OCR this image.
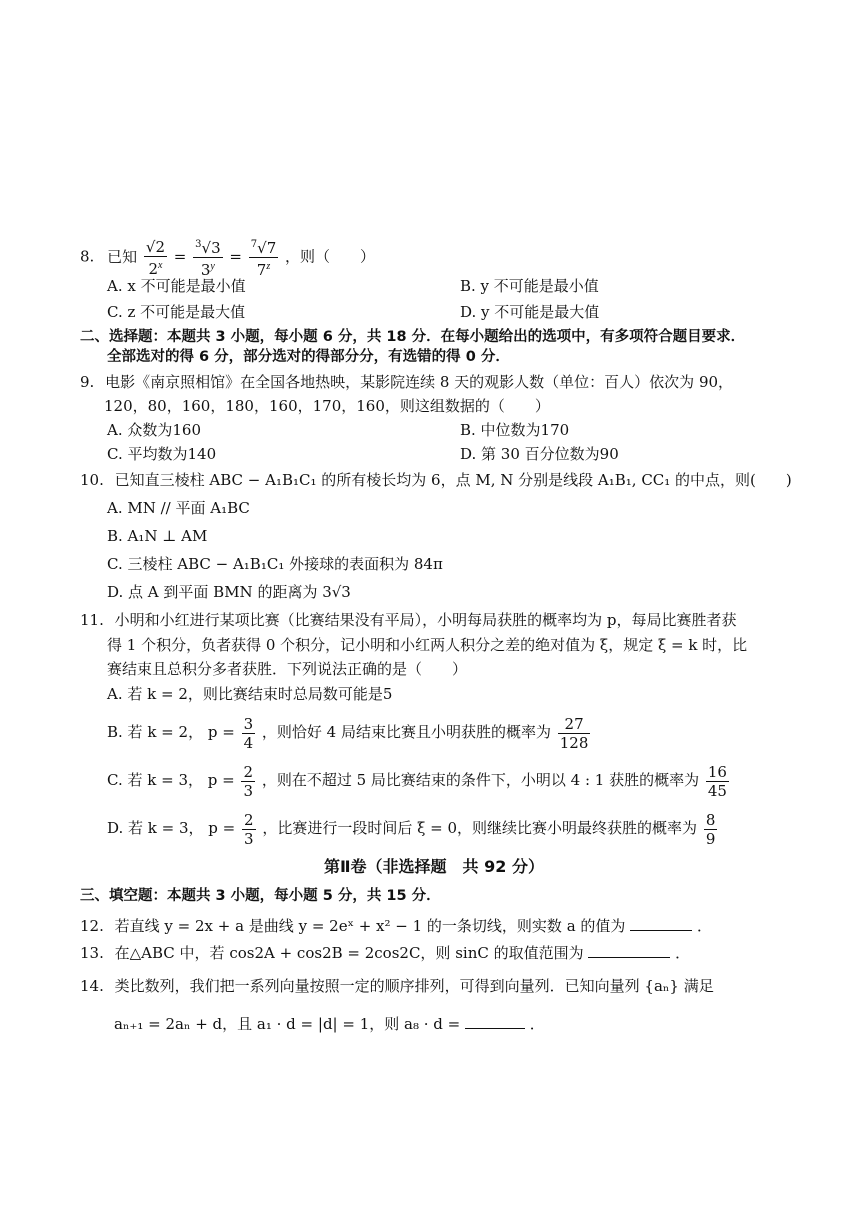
8. 已知 $\frac{√2}{2^x} = \frac{^3√3}{3^y} = \frac{^7√7}{7^z}$ ，则（　　）
A. x 不可能是最小值	B. y 不可能是最小值
C. z 不可能是最大值	D. y 不可能是最大值
二、选择题：本题共 3 小题，每小题 6 分，共 18 分．在每小题给出的选项中，有多项符合题目要求．
全部选对的得 6 分，部分选对的得部分分，有选错的得 0 分．
9. 电影《南京照相馆》在全国各地热映，某影院连续 8 天的观影人数（单位：百人）依次为 90，
120，80，160，180，160，170，160，则这组数据的（　　）
A. 众数为160	B. 中位数为170
C. 平均数为140	D. 第 30 百分位数为90
10. 已知直三棱柱 ABC − A₁B₁C₁ 的所有棱长均为 6，点 M, N 分别是线段 A₁B₁, CC₁ 的中点，则(　　)
A. MN // 平面 A₁BC
B. A₁N ⊥ AM
C. 三棱柱 ABC − A₁B₁C₁ 外接球的表面积为 84π
D. 点 A 到平面 BMN 的距离为 3√3
11. 小明和小红进行某项比赛（比赛结果没有平局），小明每局获胜的概率均为 p，每局比赛胜者获
得 1 个积分，负者获得 0 个积分，记小明和小红两人积分之差的绝对值为 ξ，规定 ξ = k 时，比
赛结束且总积分多者获胜．下列说法正确的是（　　）
A. 若 k = 2，则比赛结束时总局数可能是5
B. 若 k = 2， $p = \frac{3}{4}$ ，则恰好 4 局结束比赛且小明获胜的概率为 $\frac{27}{128}$
C. 若 k = 3， $p = \frac{2}{3}$ ，则在不超过 5 局比赛结束的条件下，小明以 4 : 1 获胜的概率为 $\frac{16}{45}$
D. 若 k = 3， $p = \frac{2}{3}$ ，比赛进行一段时间后 ξ = 0，则继续比赛小明最终获胜的概率为 $\frac{8}{9}$
第Ⅱ卷（非选择题　共 92 分）
三、填空题：本题共 3 小题，每小题 5 分，共 15 分．
12. 若直线 y = 2x + a 是曲线 y = 2eˣ + x² − 1 的一条切线，则实数 a 的值为	．
13. 在△ABC 中，若 cos2A + cos2B = 2cos2C，则 sinC 的取值范围为	．
14. 类比数列，我们把一系列向量按照一定的顺序排列，可得到向量列．已知向量列 {aₙ} 满足
aₙ₊₁ = 2aₙ + d，且 a₁ · d = |d| = 1，则 a₈ · d =	．
